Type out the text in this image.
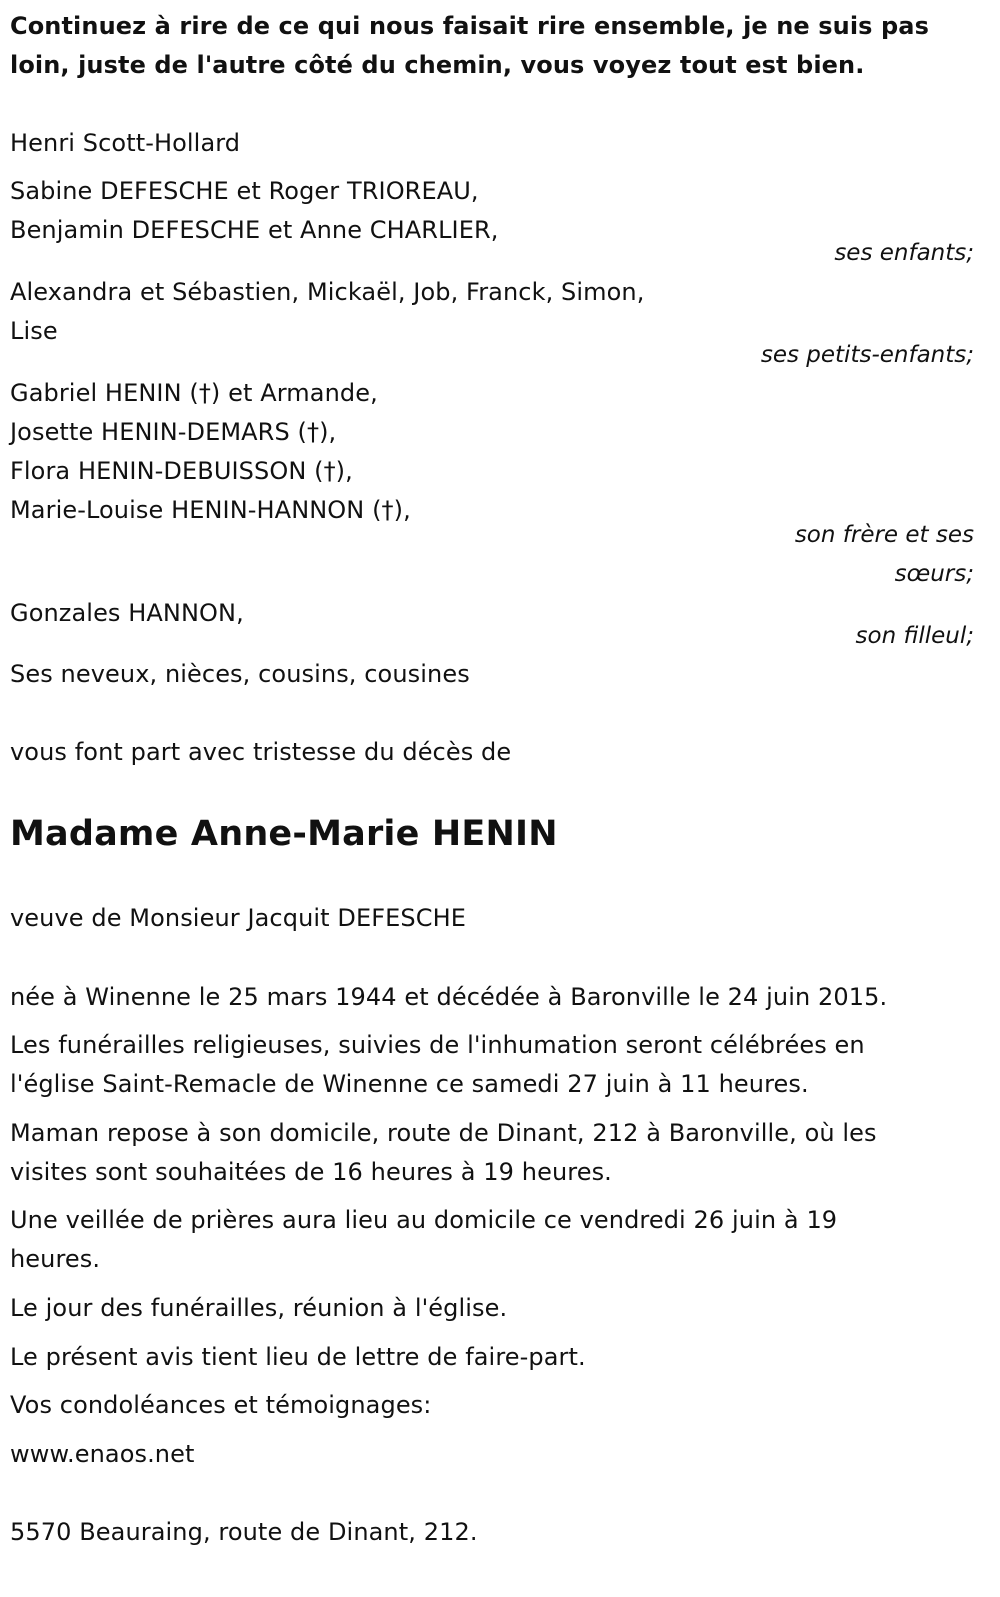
Continuez à rire de ce qui nous faisait rire ensemble, je ne suis pas
loin, juste de l'autre côté du chemin, vous voyez tout est bien.
Henri Scott-Hollard
Sabine DEFESCHE et Roger TRIOREAU,
Benjamin DEFESCHE et Anne CHARLIER,
ses enfants;
Alexandra et Sébastien, Mickaël, Job, Franck, Simon,
Lise
ses petits-enfants;
Gabriel HENIN (†) et Armande,
Josette HENIN-DEMARS (†),
Flora HENIN-DEBUISSON (†),
Marie-Louise HENIN-HANNON (†),
son frère et ses
sœurs;
Gonzales HANNON,
son filleul;
Ses neveux, nièces, cousins, cousines
vous font part avec tristesse du décès de
Madame Anne-Marie HENIN
veuve de Monsieur Jacquit DEFESCHE
née à Winenne le 25 mars 1944 et décédée à Baronville le 24 juin 2015.
Les funérailles religieuses, suivies de l'inhumation seront célébrées en
l'église Saint-Remacle de Winenne ce samedi 27 juin à 11 heures.
Maman repose à son domicile, route de Dinant, 212 à Baronville, où les
visites sont souhaitées de 16 heures à 19 heures.
Une veillée de prières aura lieu au domicile ce vendredi 26 juin à 19
heures.
Le jour des funérailles, réunion à l'église.
Le présent avis tient lieu de lettre de faire-part.
Vos condoléances et témoignages:
www.enaos.net
5570 Beauraing, route de Dinant, 212.
